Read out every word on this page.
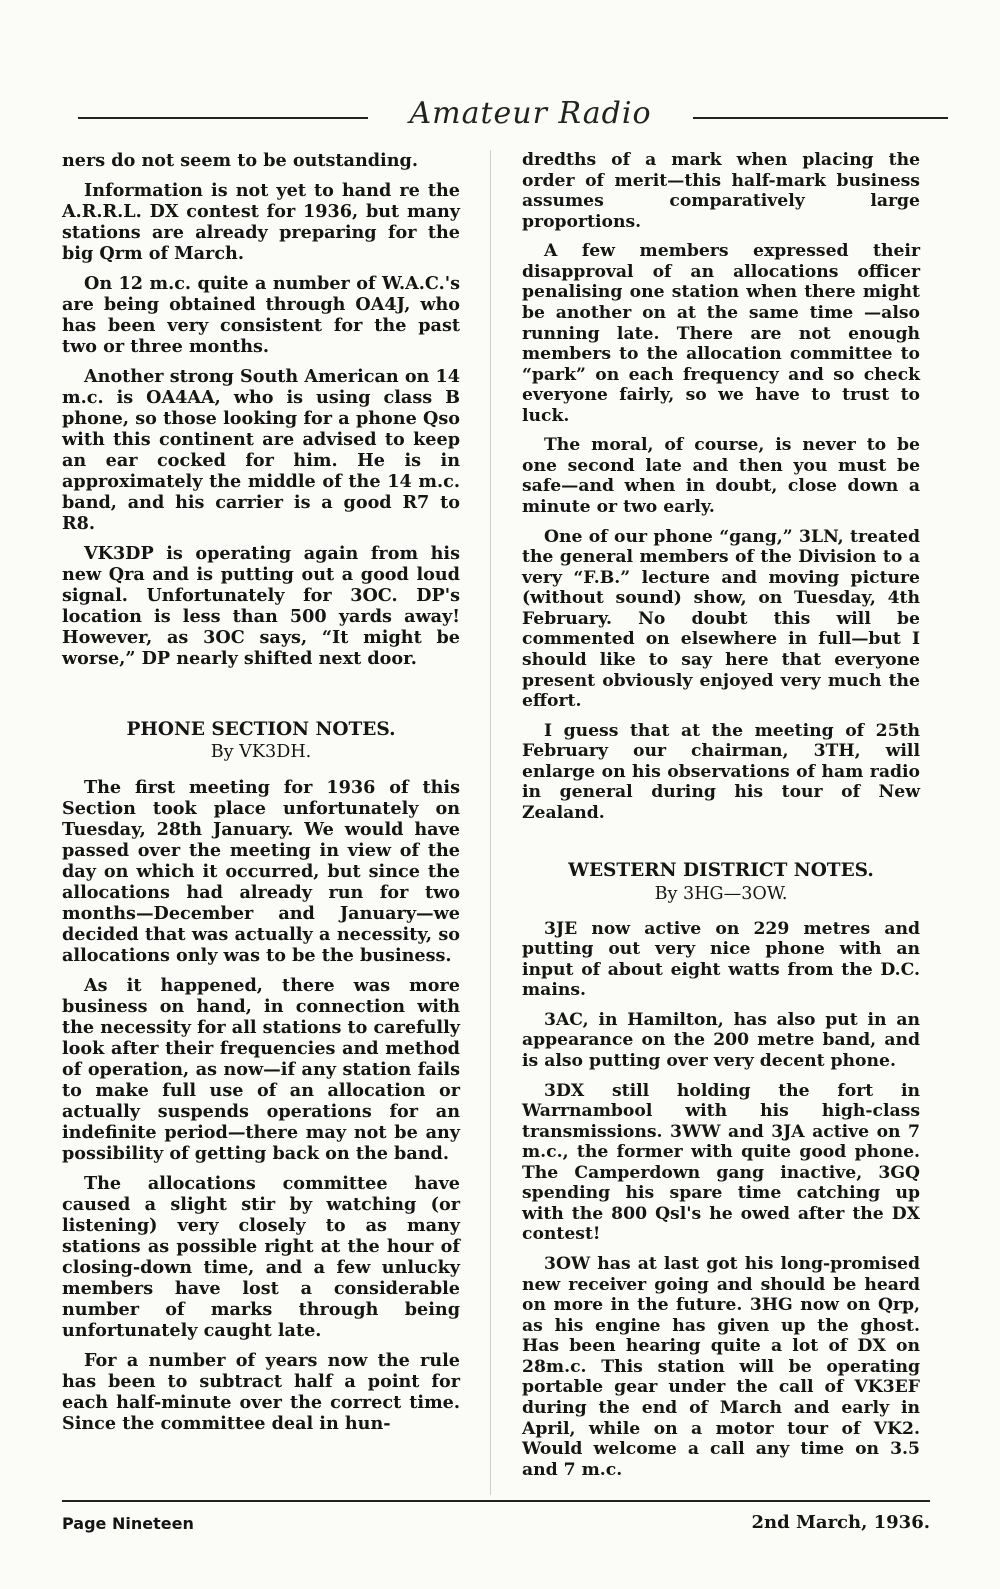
Amateur Radio

ners do not seem to be outstanding.

Information is not yet to hand re the A.R.R.L. DX contest for 1936, but many stations are already preparing for the big Qrm of March.

On 12 m.c. quite a number of W.A.C.'s are being obtained through OA4J, who has been very consistent for the past two or three months.

Another strong South American on 14 m.c. is OA4AA, who is using class B phone, so those looking for a phone Qso with this continent are advised to keep an ear cocked for him. He is in approximately the middle of the 14 m.c. band, and his carrier is a good R7 to R8.

VK3DP is operating again from his new Qra and is putting out a good loud signal. Unfortunately for 3OC. DP's location is less than 500 yards away! However, as 3OC says, “It might be worse,” DP nearly shifted next door.

PHONE SECTION NOTES.
By VK3DH.

The first meeting for 1936 of this Section took place unfortunately on Tuesday, 28th January. We would have passed over the meeting in view of the day on which it occurred, but since the allocations had already run for two months—December and January—we decided that was actually a necessity, so allocations only was to be the business.

As it happened, there was more business on hand, in connection with the necessity for all stations to carefully look after their frequencies and method of operation, as now—if any station fails to make full use of an allocation or actually suspends operations for an indefinite period—there may not be any possibility of getting back on the band.

The allocations committee have caused a slight stir by watching (or listening) very closely to as many stations as possible right at the hour of closing-down time, and a few unlucky members have lost a considerable number of marks through being unfortunately caught late.

For a number of years now the rule has been to subtract half a point for each half-minute over the correct time. Since the committee deal in hun-

dredths of a mark when placing the order of merit—this half-mark business assumes comparatively large proportions.

A few members expressed their disapproval of an allocations officer penalising one station when there might be another on at the same time —also running late. There are not enough members to the allocation committee to “park” on each frequency and so check everyone fairly, so we have to trust to luck.

The moral, of course, is never to be one second late and then you must be safe—and when in doubt, close down a minute or two early.

One of our phone “gang,” 3LN, treated the general members of the Division to a very “F.B.” lecture and moving picture (without sound) show, on Tuesday, 4th February. No doubt this will be commented on elsewhere in full—but I should like to say here that everyone present obviously enjoyed very much the effort.

I guess that at the meeting of 25th February our chairman, 3TH, will enlarge on his observations of ham radio in general during his tour of New Zealand.

WESTERN DISTRICT NOTES.
By 3HG—3OW.

3JE now active on 229 metres and putting out very nice phone with an input of about eight watts from the D.C. mains.

3AC, in Hamilton, has also put in an appearance on the 200 metre band, and is also putting over very decent phone.

3DX still holding the fort in Warrnambool with his high-class transmissions. 3WW and 3JA active on 7 m.c., the former with quite good phone. The Camperdown gang inactive, 3GQ spending his spare time catching up with the 800 Qsl's he owed after the DX contest!

3OW has at last got his long-promised new receiver going and should be heard on more in the future. 3HG now on Qrp, as his engine has given up the ghost. Has been hearing quite a lot of DX on 28m.c. This station will be operating portable gear under the call of VK3EF during the end of March and early in April, while on a motor tour of VK2. Would welcome a call any time on 3.5 and 7 m.c.

Page Nineteen	2nd March, 1936.
